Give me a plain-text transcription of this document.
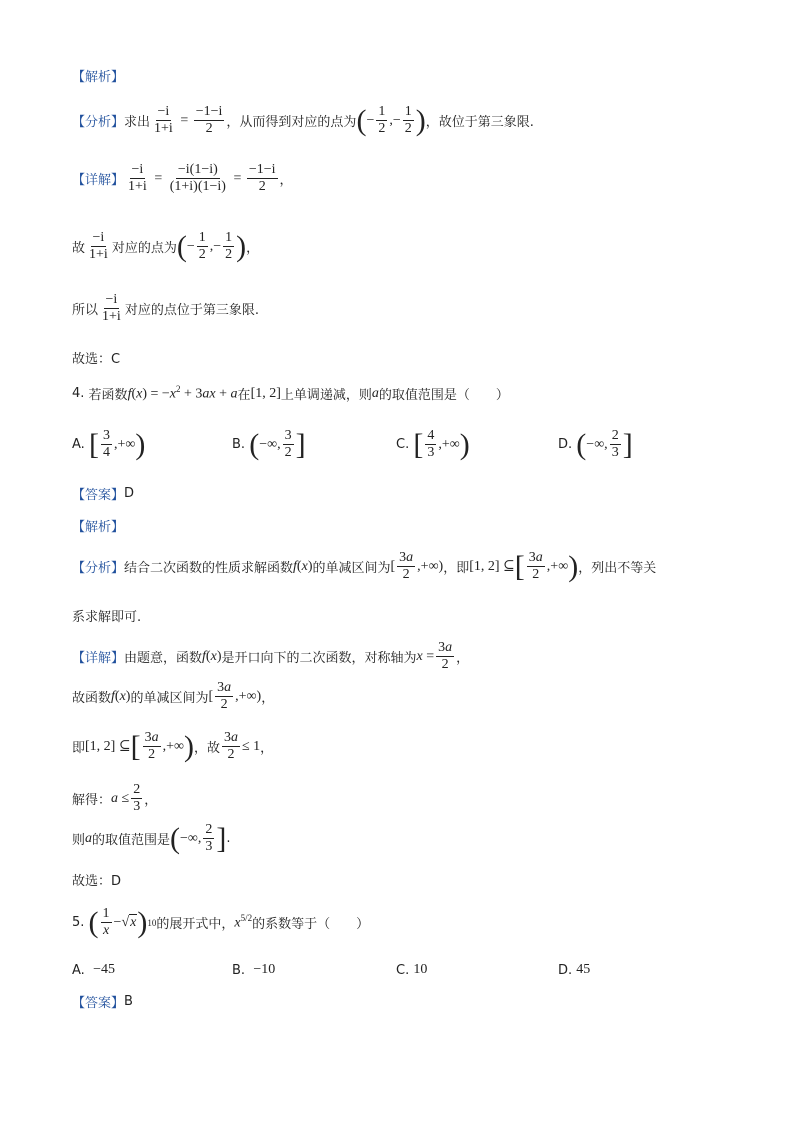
【解析】
【分析】 求出 $\frac{-i}{1+i} = \frac{-1-i}{2}$ ，从而得到对应的点为 ( − $\frac{1}{2}$ ,− $\frac{1}{2}$ ) ，故位于第三象限.
【详解】 $\frac{-i}{1+i} = \frac{-i(1-i)}{(1+i)(1-i)} = \frac{-1-i}{2}$ ，
故 $\frac{-i}{1+i}$ 对应的点为 ( − $\frac{1}{2}$ ,− $\frac{1}{2}$ ) ，
所以 $\frac{-i}{1+i}$ 对应的点位于第三象限.
故选：C
4.
若函数 $f(x) = -x^2 + 3ax + a$ 在 [1, 2] 上单调递减，则 a 的取值范围是（　　）
A.
[ $\frac{3}{4}$ ,+∞ )	B.
( −∞, $\frac{3}{2}$ ]	C.
[ $\frac{4}{3}$ ,+∞ )	D.
( −∞, $\frac{2}{3}$ ]
【答案】 D
【解析】
【分析】 结合二次函数的性质求解函数 f(x) 的单减区间为 [ $\frac{3a}{2}$ ,+∞) ，即 [1, 2] ⊆ [ $\frac{3a}{2}$ ,+∞ ) ，列出不等关
系求解即可.
【详解】 由题意，函数 f(x) 是开口向下的二次函数，对称轴为 $x = \frac{3a}{2}$ ，
故函数 f(x) 的单减区间为 [ $\frac{3a}{2}$ ,+∞) ，
即 [1, 2] ⊆ [ $\frac{3a}{2}$ ,+∞ ) ，故 $\frac{3a}{2} \le 1$ ，
解得： $a \le \frac{2}{3}$ ，
则 a 的取值范围是 ( −∞, $\frac{2}{3}$ ] .
故选：D
5.
( $\frac{1}{x} -√x$ ) 10 的展开式中， $x^{5/2}$ 的系数等于（　　）
A.
−45	B.
−10	C.
10	D.
45
【答案】 B
